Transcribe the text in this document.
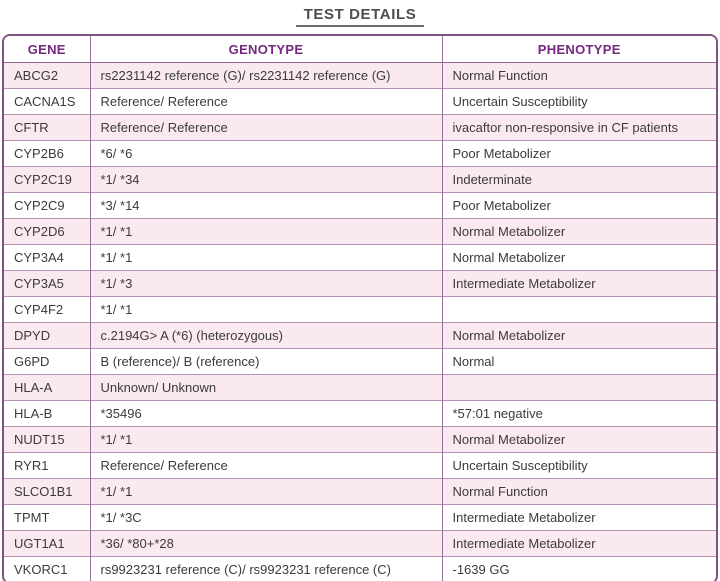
TEST DETAILS
GENE	GENOTYPE	PHENOTYPE
ABCG2	rs2231142 reference (G)/ rs2231142 reference (G)	Normal Function
CACNA1S	Reference/ Reference	Uncertain Susceptibility
CFTR	Reference/ Reference	ivacaftor non-responsive in CF patients
CYP2B6	*6/ *6	Poor Metabolizer
CYP2C19	*1/ *34	Indeterminate
CYP2C9	*3/ *14	Poor Metabolizer
CYP2D6	*1/ *1	Normal Metabolizer
CYP3A4	*1/ *1	Normal Metabolizer
CYP3A5	*1/ *3	Intermediate Metabolizer
CYP4F2	*1/ *1	
DPYD	c.2194G> A (*6) (heterozygous)	Normal Metabolizer
G6PD	B (reference)/ B (reference)	Normal
HLA-A	Unknown/ Unknown	
HLA-B	*35496	*57:01 negative
NUDT15	*1/ *1	Normal Metabolizer
RYR1	Reference/ Reference	Uncertain Susceptibility
SLCO1B1	*1/ *1	Normal Function
TPMT	*1/ *3C	Intermediate Metabolizer
UGT1A1	*36/ *80+*28	Intermediate Metabolizer
VKORC1	rs9923231 reference (C)/ rs9923231 reference (C)	-1639 GG
